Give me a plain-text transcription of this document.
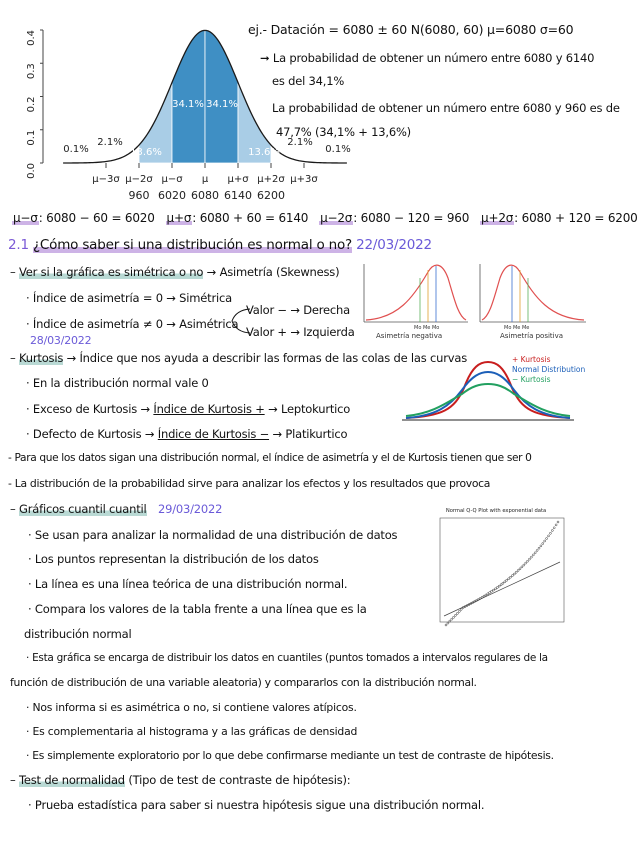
0.0
0.1
0.2
0.3
0.4
0.1%
2.1%
13.6%
34.1% 34.1%
13.6%
2.1%
0.1%
μ−3σ μ−2σ μ−σ μ μ+σ μ+2σ μ+3σ
960 6020 6080 6140 6200
ej.- Datación = 6080 ± 60 N(6080, 60) μ=6080 σ=60
➞ La probabilidad de obtener un número entre 6080 y 6140
es del 34,1%
La probabilidad de obtener un número entre 6080 y 960 es de
47,7% (34,1% + 13,6%)
μ−σ: 6080 − 60 = 6020 μ+σ: 6080 + 60 = 6140 μ−2σ: 6080 − 120 = 960 μ+2σ: 6080 + 120 = 6200
2.1 ¿Cómo saber si una distribución es normal o no? 22/03/2022
– Ver si la gráfica es simétrica o no → Asimetría (Skewness)
· Índice de asimetría = 0 → Simétrica
· Índice de asimetría ≠ 0 → Asimétrica
Valor − → Derecha
Valor + → Izquierda	Mo Me Mo
Asimetría negativa
Mo Me Me
Asimetría positiva
28/03/2022
– Kurtosis → Índice que nos ayuda a describir las formas de las colas de las curvas
· En la distribución normal vale 0
· Exceso de Kurtosis → Índice de Kurtosis + → Leptokurtico
· Defecto de Kurtosis → Índice de Kurtosis − → Platikurtico
+ Kurtosis
Normal Distribution
− Kurtosis
- Para que los datos sigan una distribución normal, el índice de asimetría y el de Kurtosis tienen que ser 0
- La distribución de la probabilidad sirve para analizar los efectos y los resultados que provoca
– Gráficos cuantil cuantil 29/03/2022
· Se usan para analizar la normalidad de una distribución de datos
· Los puntos representan la distribución de los datos
· La línea es una línea teórica de una distribución normal.
· Compara los valores de la tabla frente a una línea que es la
distribución normal
· Esta gráfica se encarga de distribuir los datos en cuantiles (puntos tomados a intervalos regulares de la
función de distribución de una variable aleatoria) y compararlos con la distribución normal.
· Nos informa si es asimétrica o no, si contiene valores atípicos.
· Es complementaria al histograma y a las gráficas de densidad
· Es simplemente exploratorio por lo que debe confirmarse mediante un test de contraste de hipótesis.
Normal Q-Q Plot with exponential data
– Test de normalidad (Tipo de test de contraste de hipótesis):
· Prueba estadística para saber si nuestra hipótesis sigue una distribución normal.
